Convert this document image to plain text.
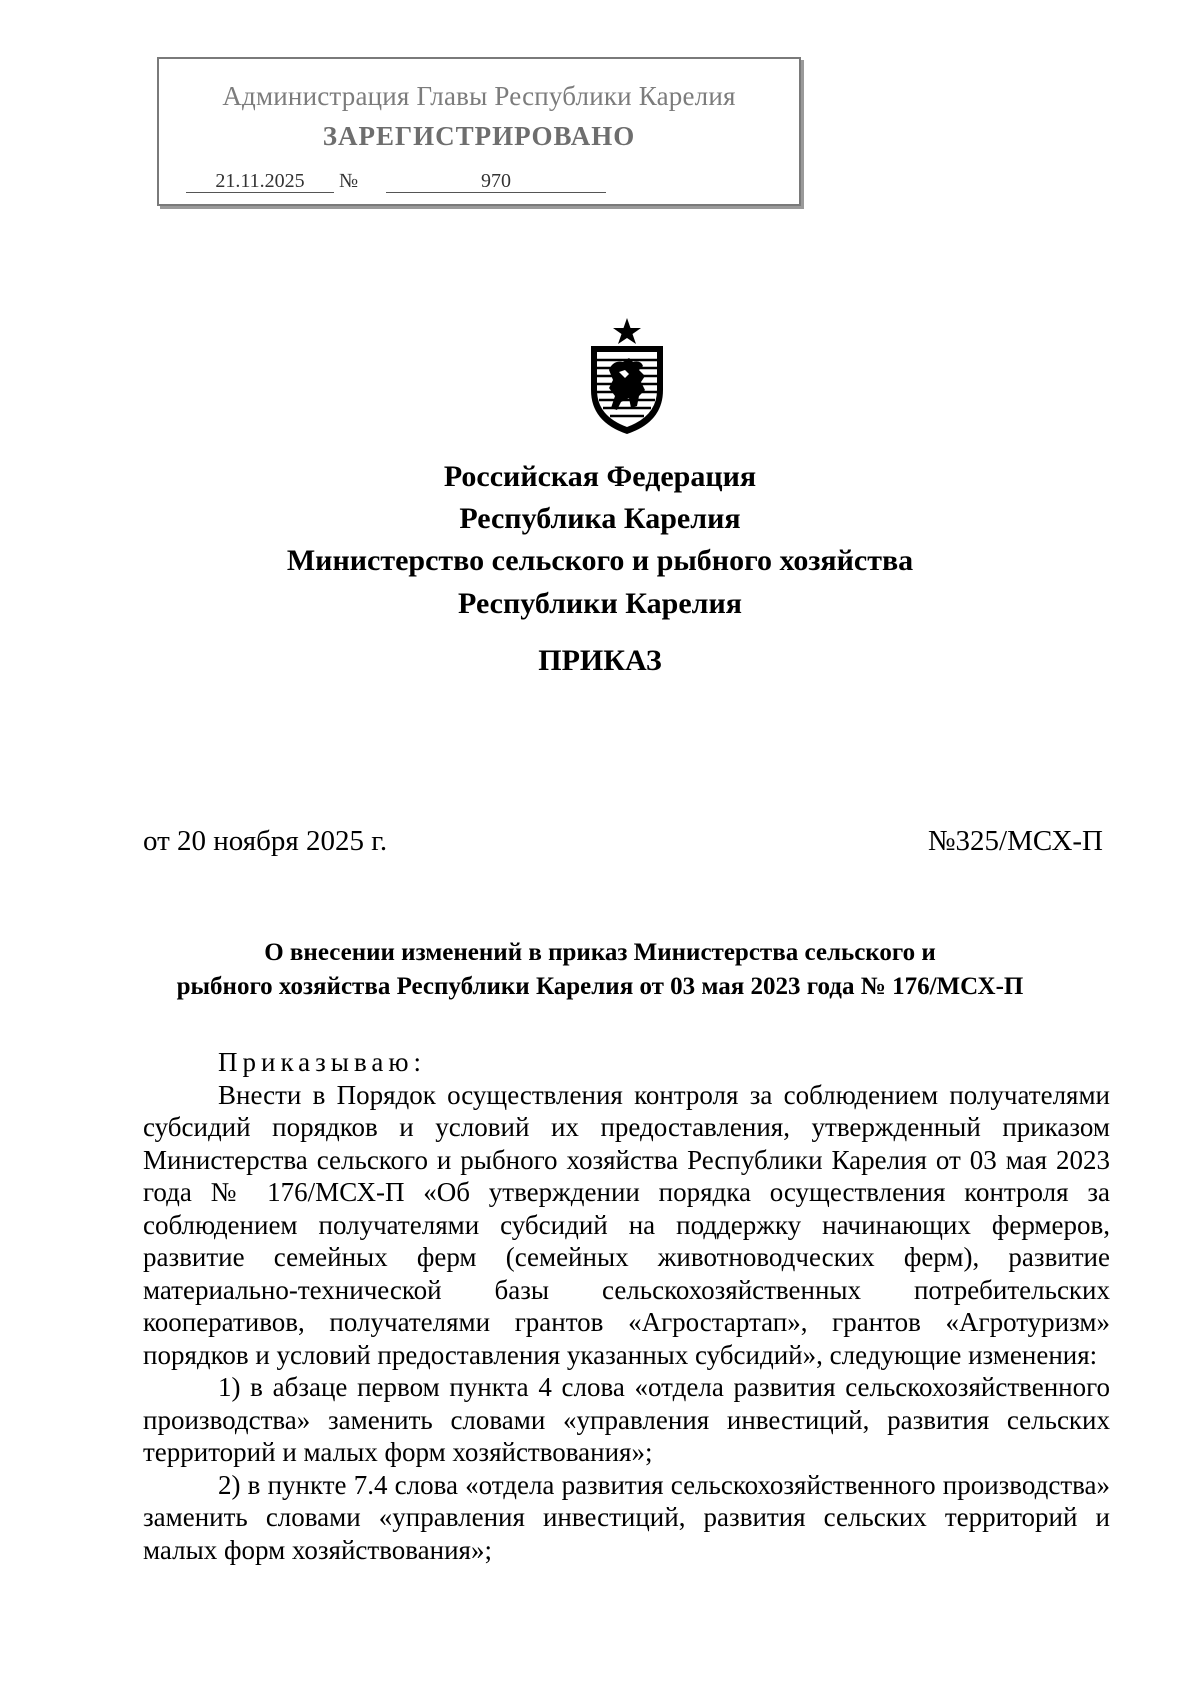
Администрация Главы Республики Карелия
ЗАРЕГИСТРИРОВАНО
21.11.2025	№	970
Российская Федерация
Республика Карелия
Министерство сельского и рыбного хозяйства
Республики Карелия
ПРИКАЗ
от 20 ноября 2025 г.	№325/МСХ-П
О внесении изменений в приказ Министерства сельского и
рыбного хозяйства Республики Карелия от 03 мая 2023 года № 176/МСХ-П

Приказываю:

Внести в Порядок осуществления контроля за соблюдением получателями субсидий порядков и условий их предоставления, утвержденный приказом Министерства сельского и рыбного хозяйства Республики Карелия от 03 мая 2023 года № 176/МСХ-П «Об утверждении порядка осуществления контроля за соблюдением получателями субсидий на поддержку начинающих фермеров, развитие семейных ферм (семейных животноводческих ферм), развитие материально-технической базы сельскохозяйственных потребительских кооперативов, получателями грантов «Агростартап», грантов «Агротуризм» порядков и условий предоставления указанных субсидий», следующие изменения:

1) в абзаце первом пункта 4 слова «отдела развития сельскохозяйственного производства» заменить словами «управления инвестиций, развития сельских территорий и малых форм хозяйствования»;

2) в пункте 7.4 слова «отдела развития сельскохозяйственного производства» заменить словами «управления инвестиций, развития сельских территорий и малых форм хозяйствования»;
